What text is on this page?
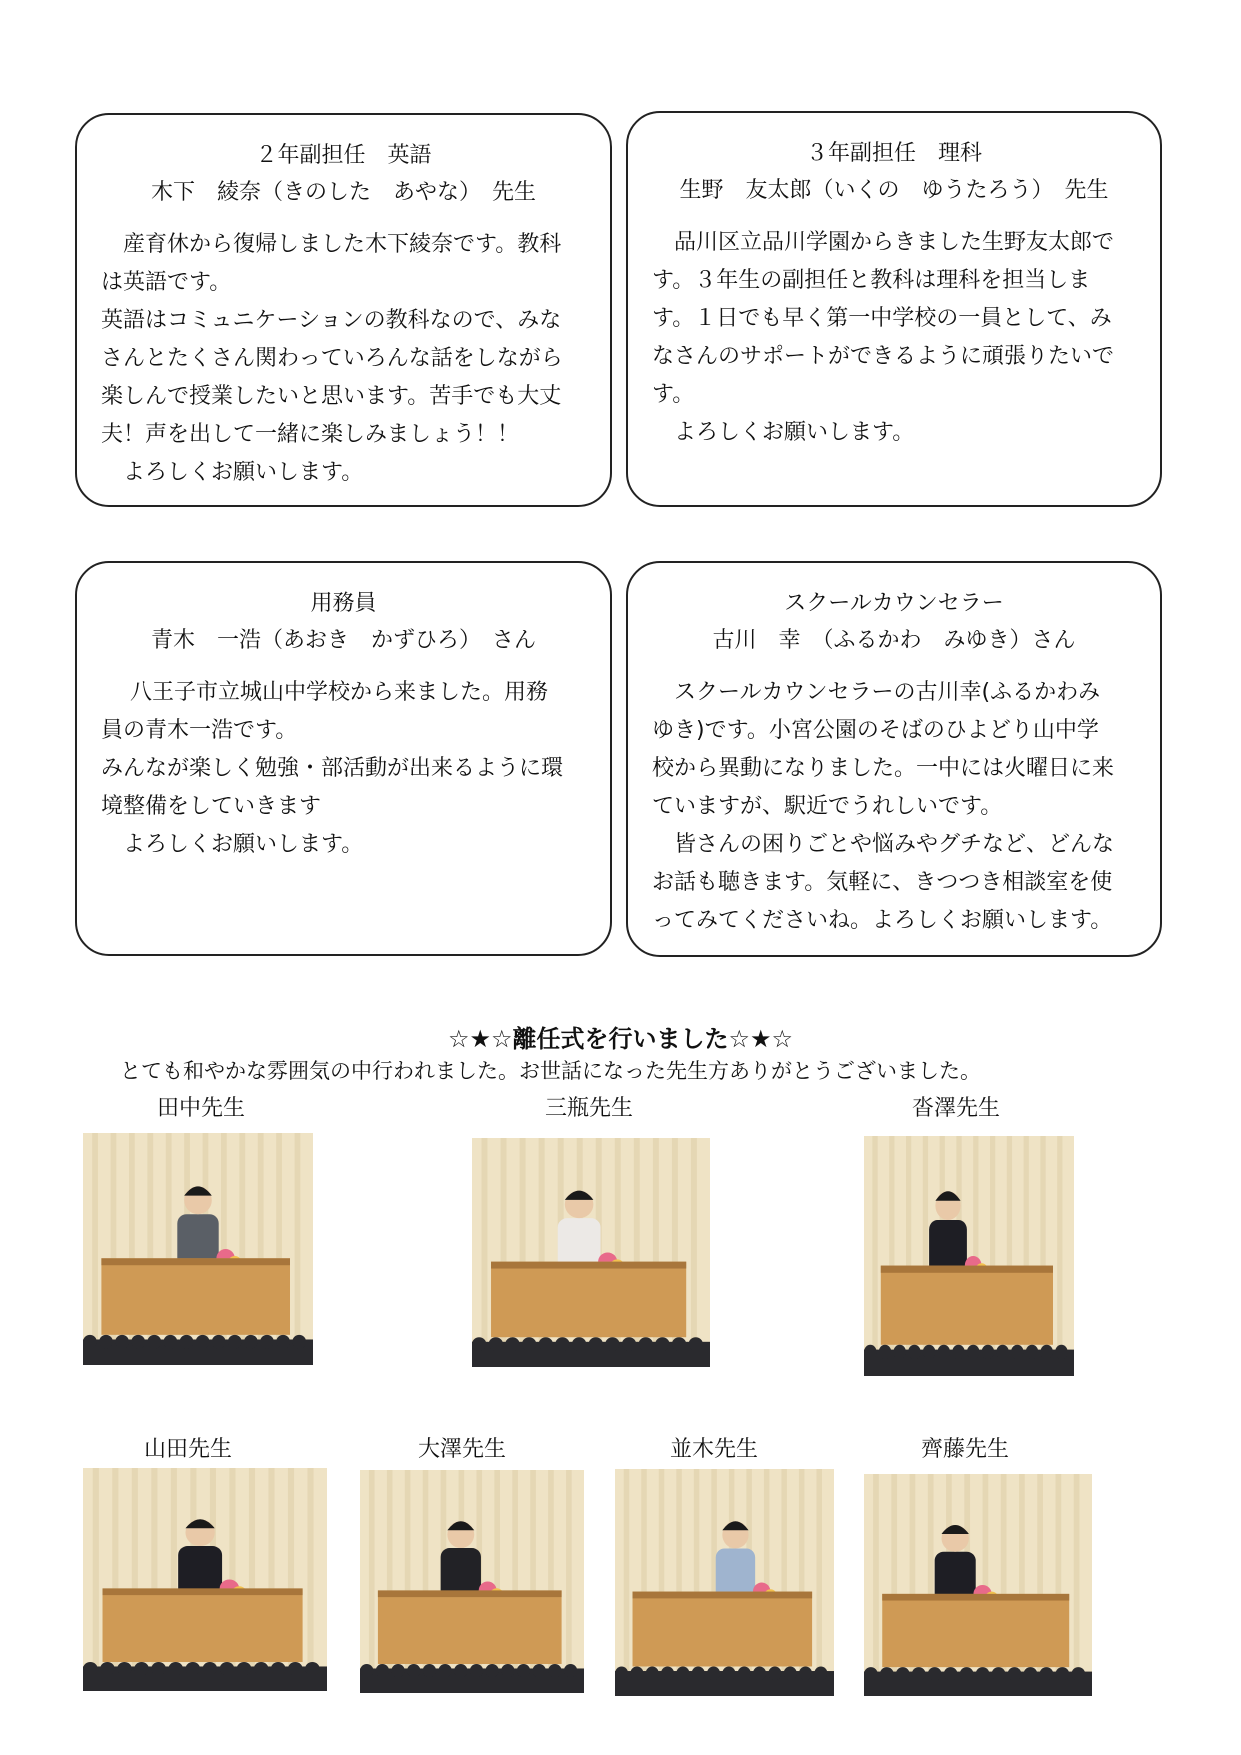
２年副担任　英語

木下　綾奈（きのした　あやな）　先生

　産育休から復帰しました木下綾奈です。教科
は英語です。
英語はコミュニケーションの教科なので、みな
さんとたくさん関わっていろんな話をしながら
楽しんで授業したいと思います。苦手でも大丈
夫！声を出して一緒に楽しみましょう！！
　よろしくお願いします。

３年副担任　理科

生野　友太郎（いくの　ゆうたろう）　先生

　品川区立品川学園からきました生野友太郎で
す。３年生の副担任と教科は理科を担当しま
す。１日でも早く第一中学校の一員として、み
なさんのサポートができるように頑張りたいで
す。
　よろしくお願いします。

用務員

青木　一浩（あおき　かずひろ）　さん

　 八王子市立城山中学校から来ました。用務
員の青木一浩です。
みんなが楽しく勉強・部活動が出来るように環
境整備をしていきます
　よろしくお願いします。

スクールカウンセラー

古川　幸　（ふるかわ　みゆき）さん

　スクールカウンセラーの古川幸(ふるかわみ
ゆき)です。小宮公園のそばのひよどり山中学
校から異動になりました。一中には火曜日に来
ていますが、駅近でうれしいです。
　皆さんの困りごとや悩みやグチなど、どんな
お話も聴きます。気軽に、きつつき相談室を使
ってみてくださいね。よろしくお願いします。

☆★☆離任式を行いました☆★☆

とても和やかな雰囲気の中行われました。お世話になった先生方ありがとうございました。

田中先生	三瓶先生	沓澤先生

山田先生	大澤先生	並木先生	齊藤先生
